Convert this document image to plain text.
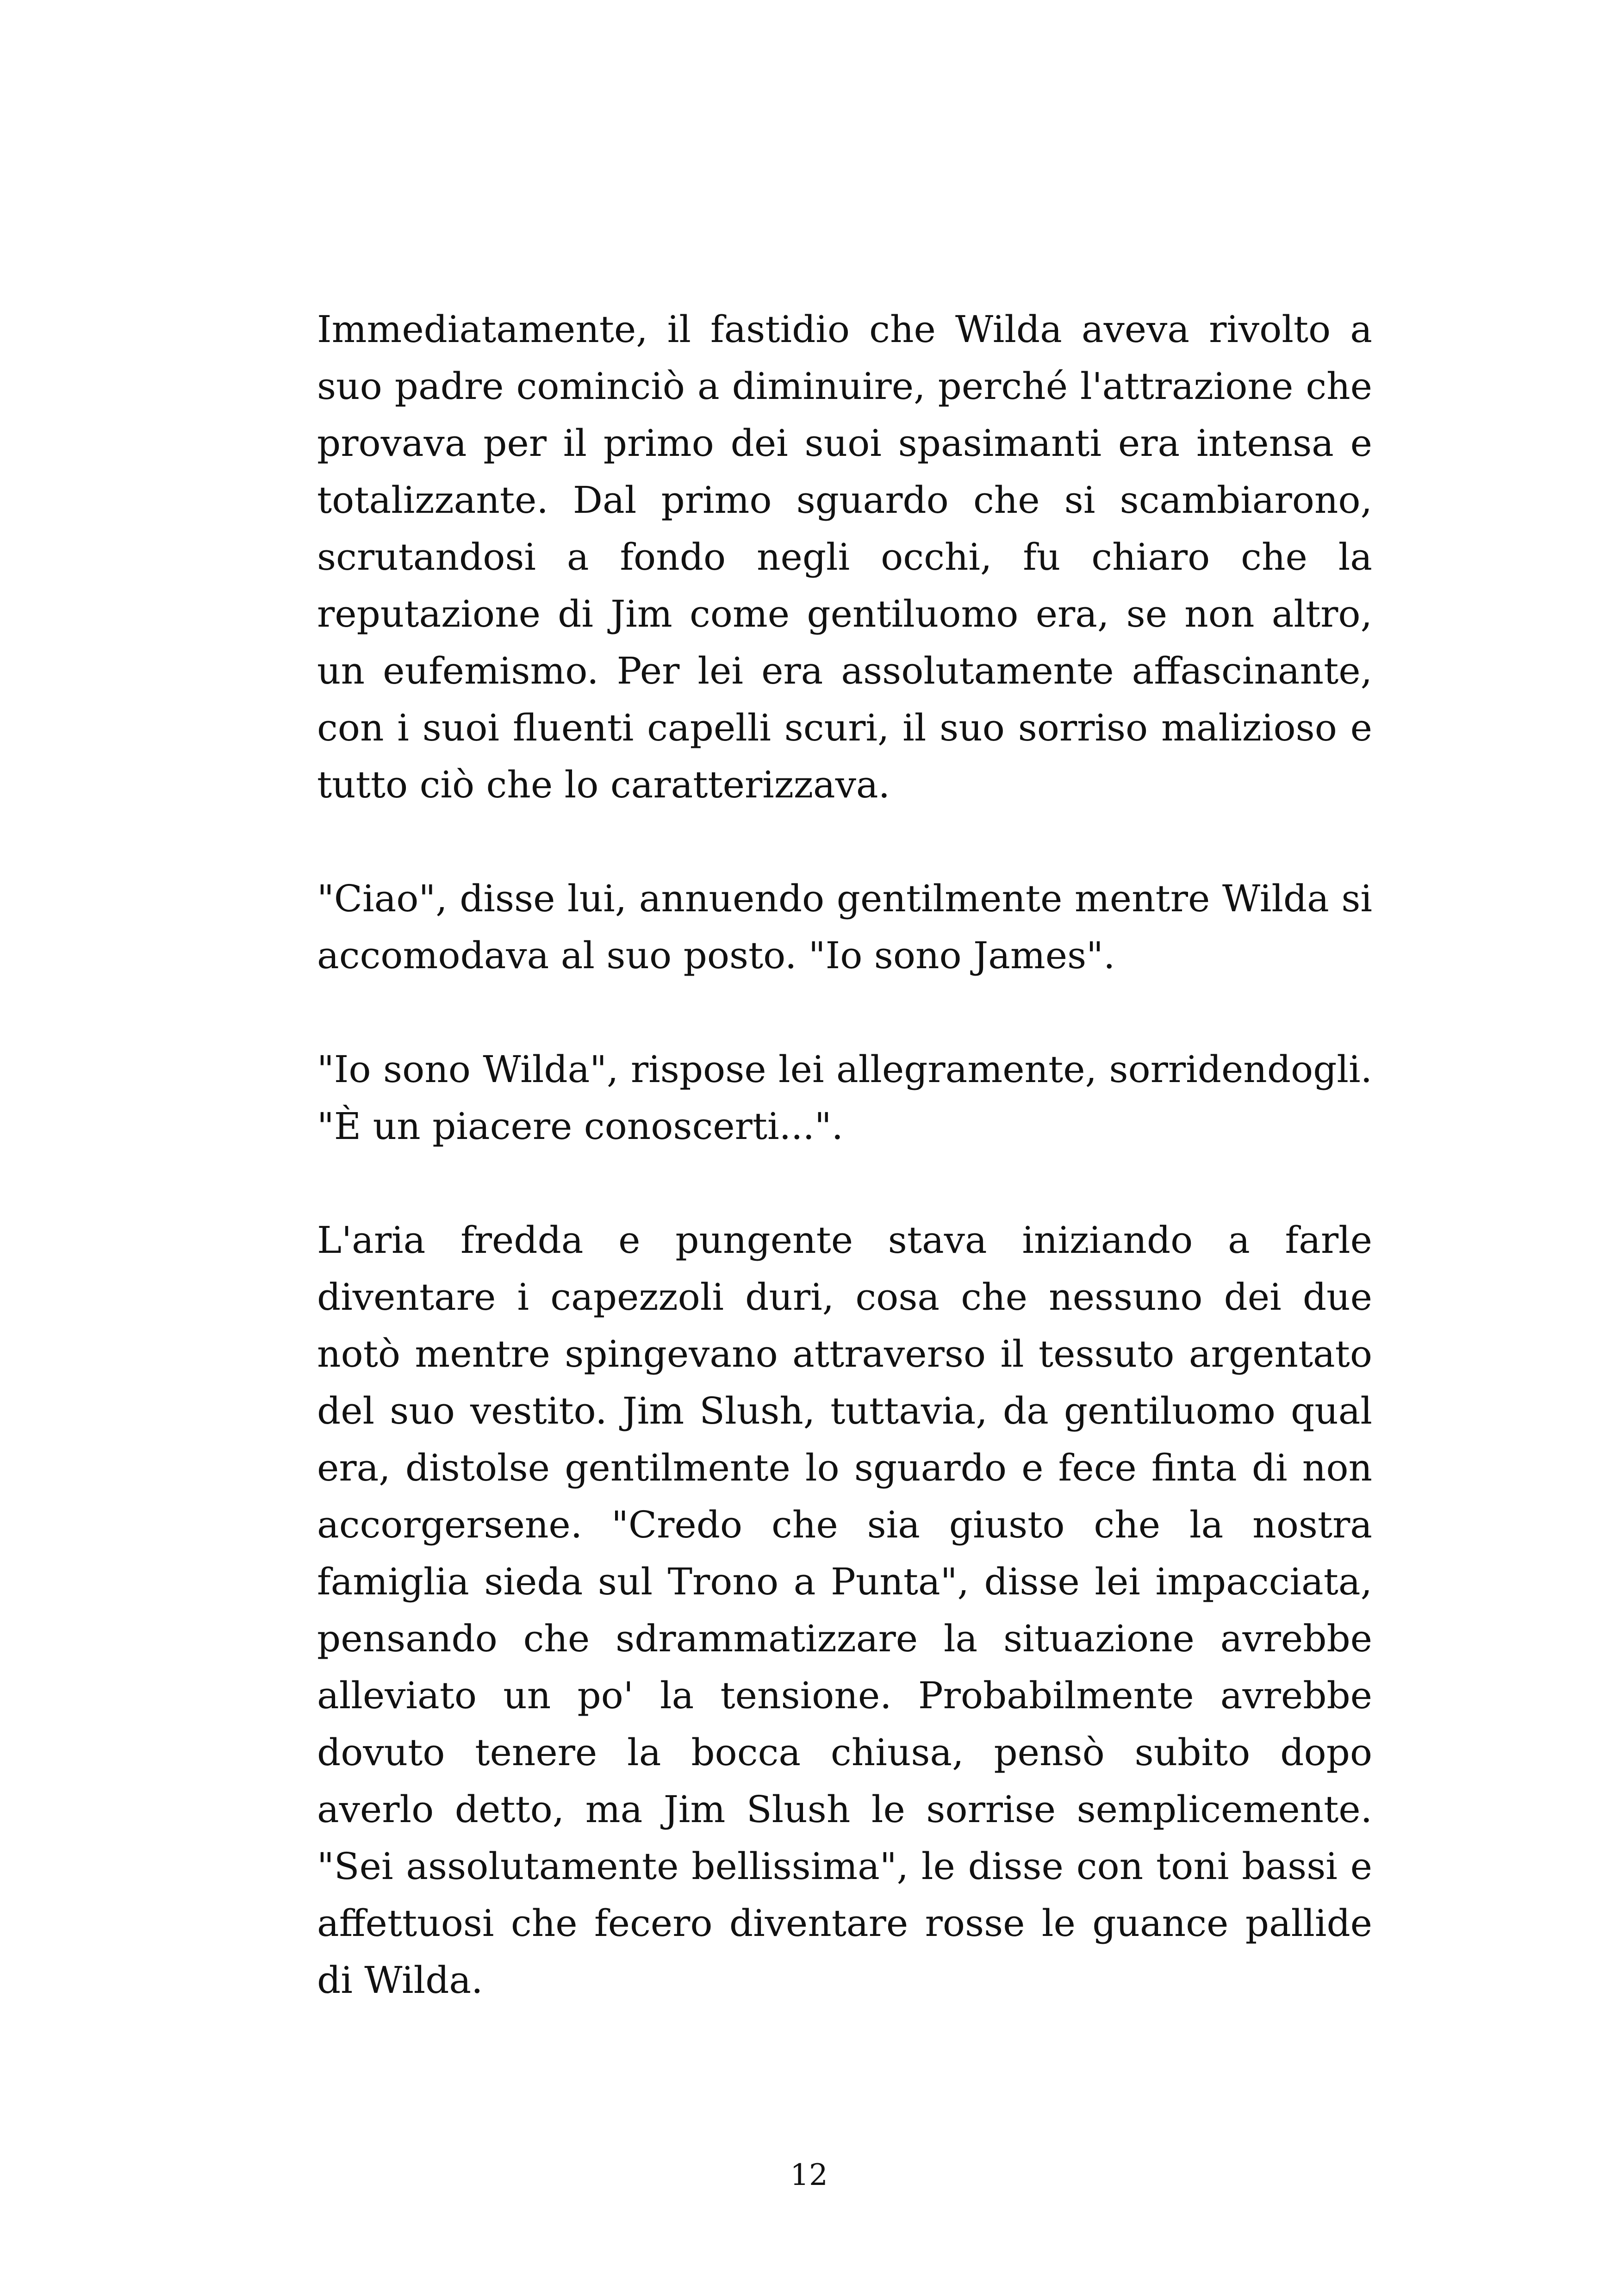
Immediatamente, il fastidio che Wilda aveva rivolto a suo padre cominciò a diminuire, perché l'attrazione che provava per il primo dei suoi spasimanti era intensa e totalizzante. Dal primo sguardo che si scambiarono, scrutandosi a fondo negli occhi, fu chiaro che la reputazione di Jim come gentiluomo era, se non altro, un eufemismo. Per lei era assolutamente affascinante, con i suoi fluenti capelli scuri, il suo sorriso malizioso e tutto ciò che lo caratterizzava.

"Ciao", disse lui, annuendo gentilmente mentre Wilda si accomodava al suo posto. "Io sono James".

"Io sono Wilda", rispose lei allegramente, sorridendogli. "È un piacere conoscerti...".

L'aria fredda e pungente stava iniziando a farle diventare i capezzoli duri, cosa che nessuno dei due notò mentre spingevano attraverso il tessuto argentato del suo vestito. Jim Slush, tuttavia, da gentiluomo qual era, distolse gentilmente lo sguardo e fece finta di non accorgersene. "Credo che sia giusto che la nostra famiglia sieda sul Trono a Punta", disse lei impacciata, pensando che sdrammatizzare la situazione avrebbe alleviato un po' la tensione. Probabilmente avrebbe dovuto tenere la bocca chiusa, pensò subito dopo averlo detto, ma Jim Slush le sorrise semplicemente. "Sei assolutamente bellissima", le disse con toni bassi e affettuosi che fecero diventare rosse le guance pallide di Wilda.

12
